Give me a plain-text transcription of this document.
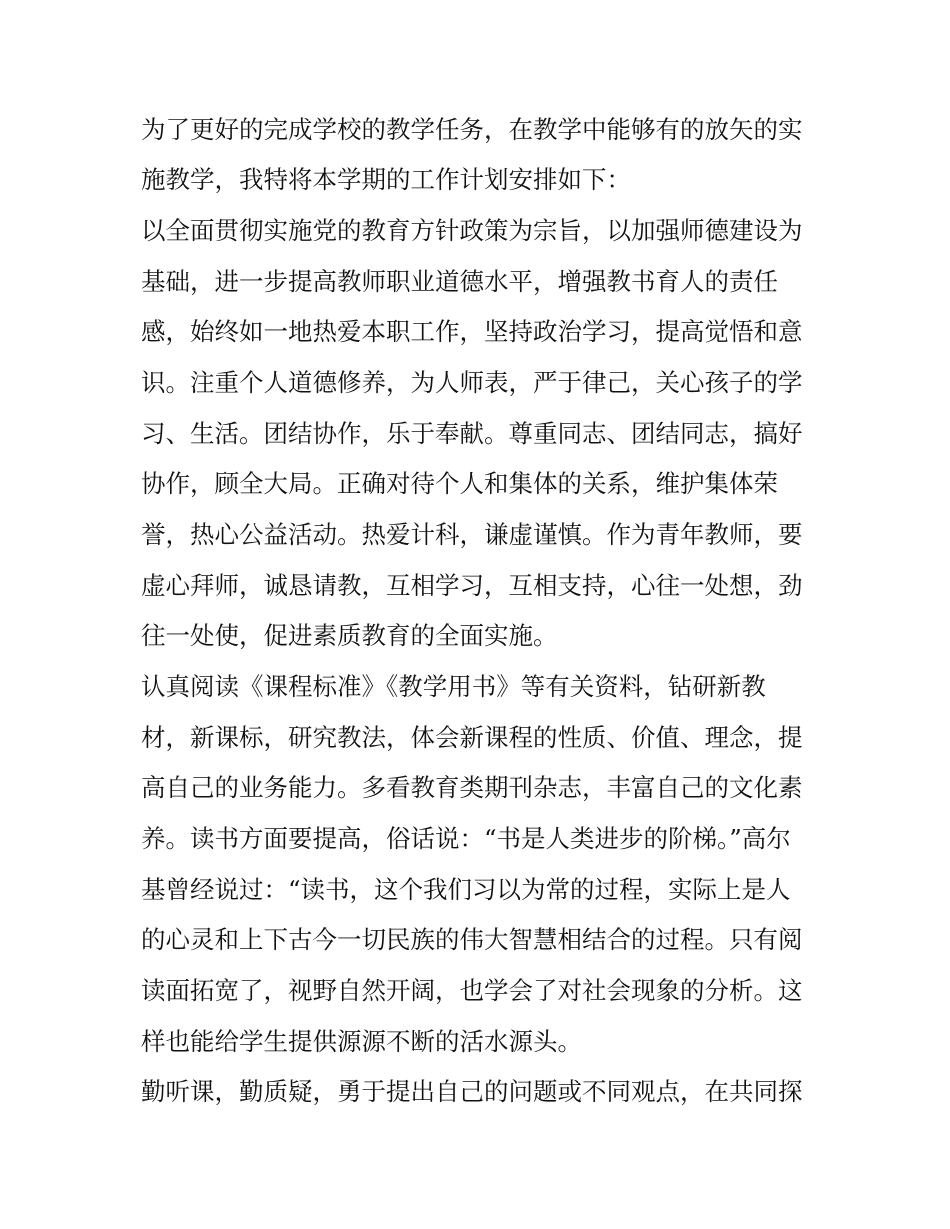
为了更好的完成学校的教学任务，在教学中能够有的放矢的实
施教学，我特将本学期的工作计划安排如下：
以全面贯彻实施党的教育方针政策为宗旨，以加强师德建设为
基础，进一步提高教师职业道德水平，增强教书育人的责任
感，始终如一地热爱本职工作，坚持政治学习，提高觉悟和意
识。注重个人道德修养，为人师表，严于律己，关心孩子的学
习、生活。团结协作，乐于奉献。尊重同志、团结同志，搞好
协作，顾全大局。正确对待个人和集体的关系，维护集体荣
誉，热心公益活动。热爱计科，谦虚谨慎。作为青年教师，要
虚心拜师，诚恳请教，互相学习，互相支持，心往一处想，劲
往一处使，促进素质教育的全面实施。
认真阅读《课程标准》《教学用书》等有关资料，钻研新教
材，新课标，研究教法，体会新课程的性质、价值、理念，提
高自己的业务能力。多看教育类期刊杂志，丰富自己的文化素
养。读书方面要提高，俗话说：“书是人类进步的阶梯。”高尔
基曾经说过：“读书，这个我们习以为常的过程，实际上是人
的心灵和上下古今一切民族的伟大智慧相结合的过程。只有阅
读面拓宽了，视野自然开阔，也学会了对社会现象的分析。这
样也能给学生提供源源不断的活水源头。
勤听课，勤质疑，勇于提出自己的问题或不同观点，在共同探
